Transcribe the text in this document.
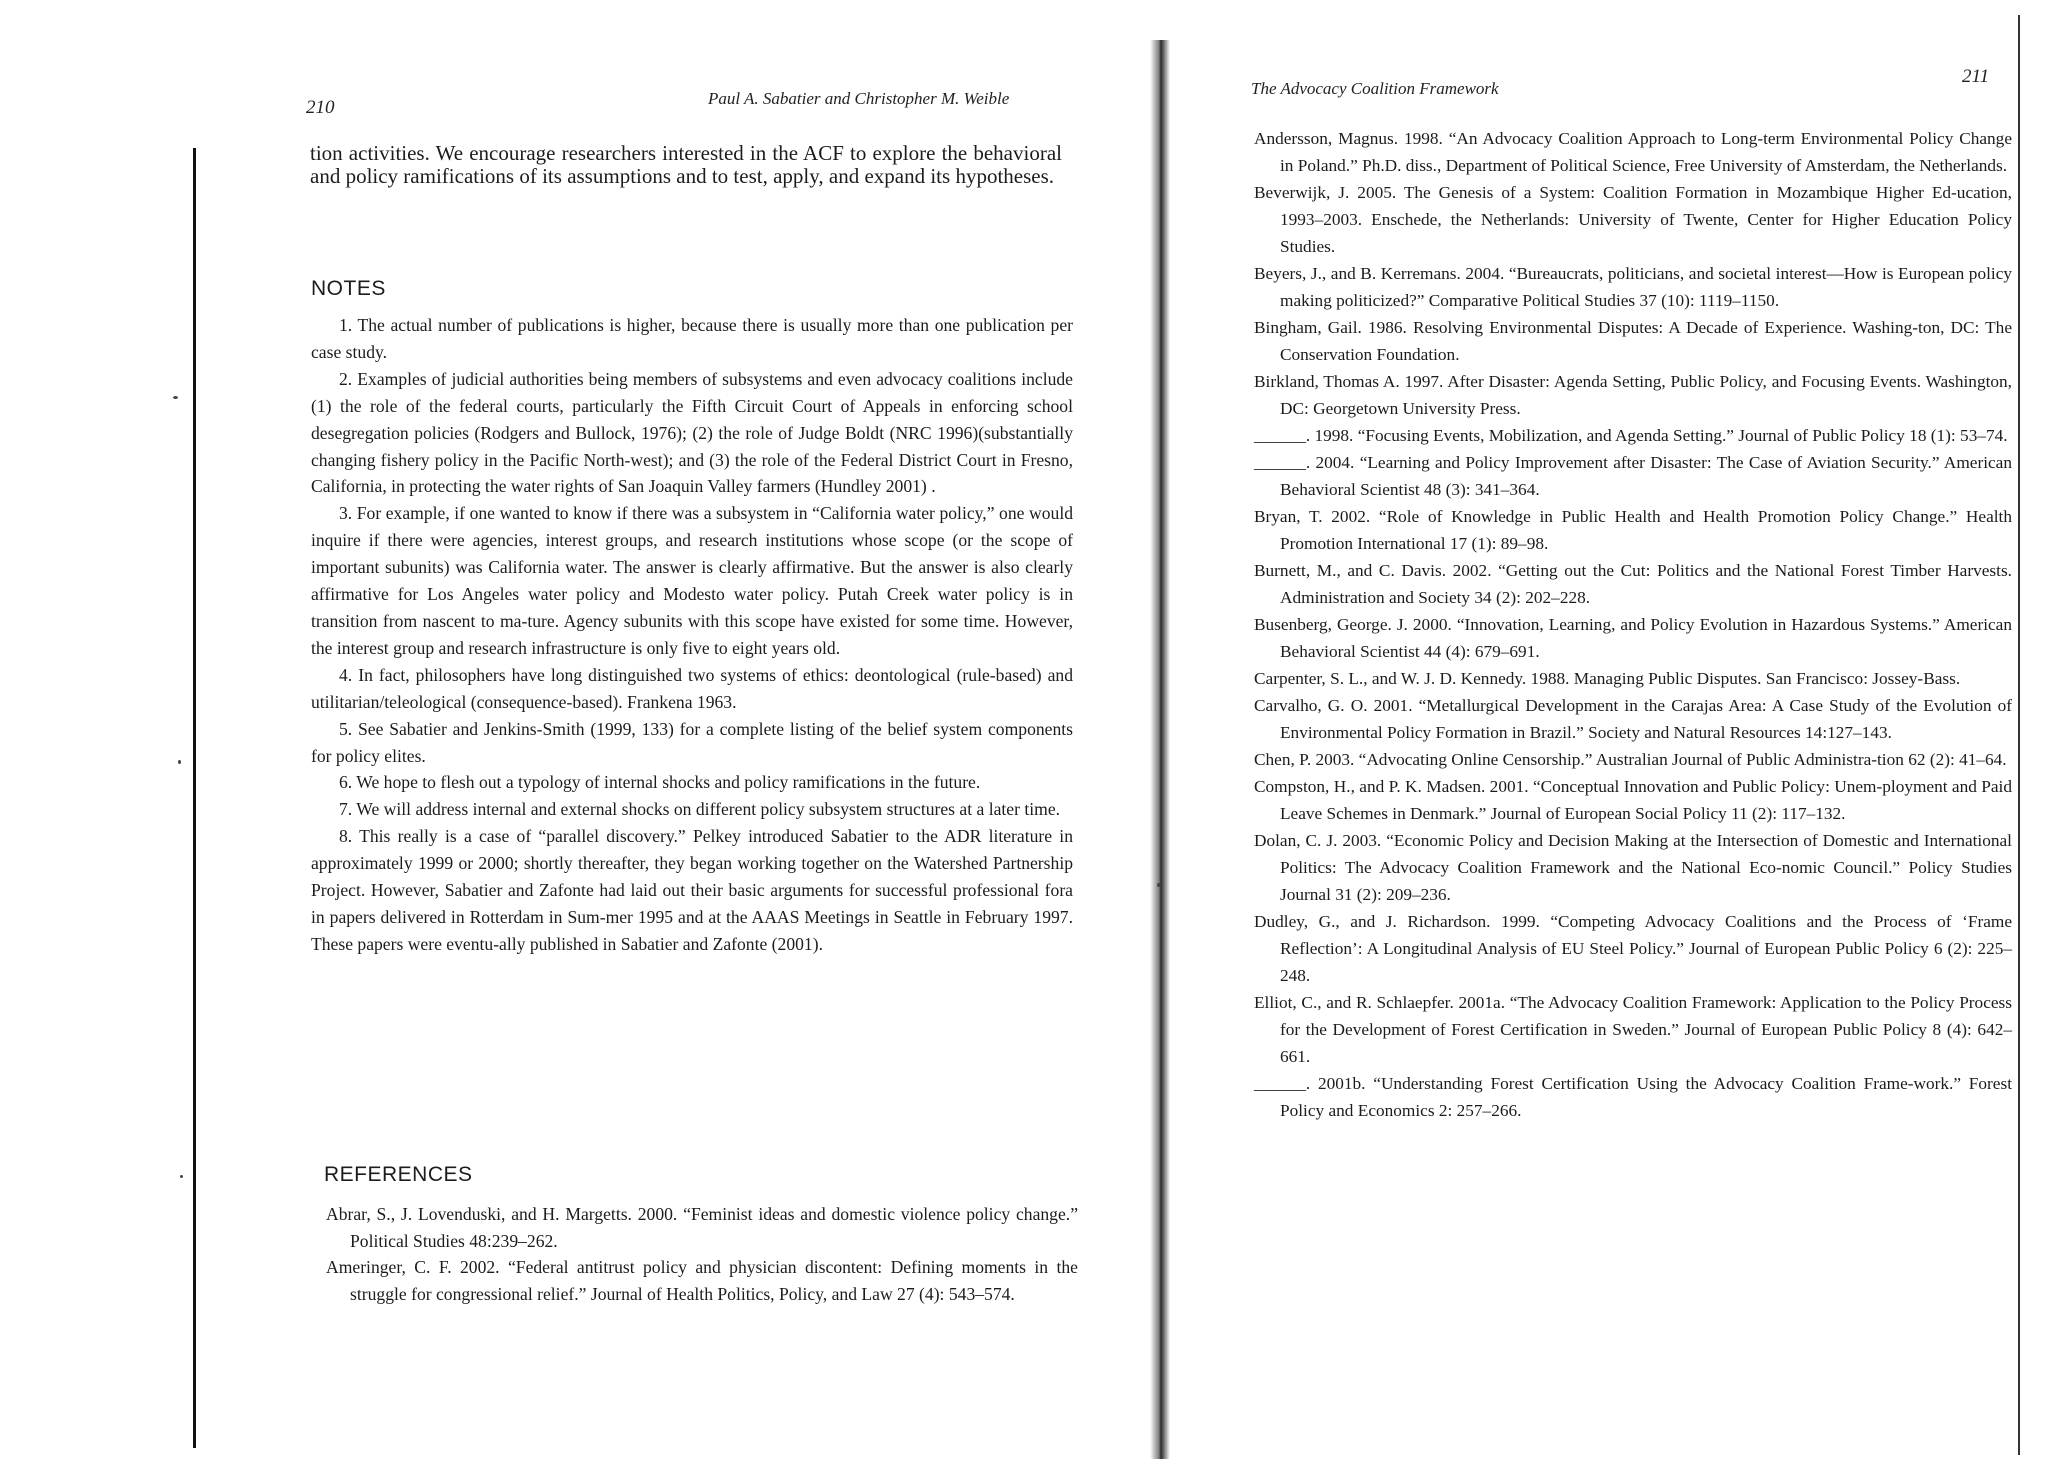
210	Paul A. Sabatier and Christopher M. Weible
tion activities. We encourage researchers interested in the ACF to explore the behavioral and policy ramifications of its assumptions and to test, apply, and expand its hypotheses.
NOTES

1. The actual number of publications is higher, because there is usually more than one publication per case study.

2. Examples of judicial authorities being members of subsystems and even advocacy coalitions include (1) the role of the federal courts, particularly the Fifth Circuit Court of Appeals in enforcing school desegregation policies (Rodgers and Bullock, 1976); (2) the role of Judge Boldt (NRC 1996)(substantially changing fishery policy in the Pacific North-west); and (3) the role of the Federal District Court in Fresno, California, in protecting the water rights of San Joaquin Valley farmers (Hundley 2001) .

3. For example, if one wanted to know if there was a subsystem in “California water policy,” one would inquire if there were agencies, interest groups, and research institutions whose scope (or the scope of important subunits) was California water. The answer is clearly affirmative. But the answer is also clearly affirmative for Los Angeles water policy and Modesto water policy. Putah Creek water policy is in transition from nascent to ma-ture. Agency subunits with this scope have existed for some time. However, the interest group and research infrastructure is only five to eight years old.

4. In fact, philosophers have long distinguished two systems of ethics: deontological (rule-based) and utilitarian/teleological (consequence-based). Frankena 1963.

5. See Sabatier and Jenkins-Smith (1999, 133) for a complete listing of the belief system components for policy elites.

6. We hope to flesh out a typology of internal shocks and policy ramifications in the future.

7. We will address internal and external shocks on different policy subsystem structures at a later time.

8. This really is a case of “parallel discovery.” Pelkey introduced Sabatier to the ADR literature in approximately 1999 or 2000; shortly thereafter, they began working together on the Watershed Partnership Project. However, Sabatier and Zafonte had laid out their basic arguments for successful professional fora in papers delivered in Rotterdam in Sum-mer 1995 and at the AAAS Meetings in Seattle in February 1997. These papers were eventu-ally published in Sabatier and Zafonte (2001).

REFERENCES

Abrar, S., J. Lovenduski, and H. Margetts. 2000. “Feminist ideas and domestic violence policy change.” Political Studies 48:239–262.

Ameringer, C. F. 2002. “Federal antitrust policy and physician discontent: Defining moments in the struggle for congressional relief.” Journal of Health Politics, Policy, and Law 27 (4): 543–574.

The Advocacy Coalition Framework
211

Andersson, Magnus. 1998. “An Advocacy Coalition Approach to Long-term Environmental Policy Change in Poland.” Ph.D. diss., Department of Political Science, Free University of Amsterdam, the Netherlands.

Beverwijk, J. 2005. The Genesis of a System: Coalition Formation in Mozambique Higher Ed-ucation, 1993–2003. Enschede, the Netherlands: University of Twente, Center for Higher Education Policy Studies.

Beyers, J., and B. Kerremans. 2004. “Bureaucrats, politicians, and societal interest—How is European policy making politicized?” Comparative Political Studies 37 (10): 1119–1150.

Bingham, Gail. 1986. Resolving Environmental Disputes: A Decade of Experience. Washing-ton, DC: The Conservation Foundation.

Birkland, Thomas A. 1997. After Disaster: Agenda Setting, Public Policy, and Focusing Events. Washington, DC: Georgetown University Press.

______. 1998. “Focusing Events, Mobilization, and Agenda Setting.” Journal of Public Policy 18 (1): 53–74.

______. 2004. “Learning and Policy Improvement after Disaster: The Case of Aviation Security.” American Behavioral Scientist 48 (3): 341–364.

Bryan, T. 2002. “Role of Knowledge in Public Health and Health Promotion Policy Change.” Health Promotion International 17 (1): 89–98.

Burnett, M., and C. Davis. 2002. “Getting out the Cut: Politics and the National Forest Timber Harvests. Administration and Society 34 (2): 202–228.

Busenberg, George. J. 2000. “Innovation, Learning, and Policy Evolution in Hazardous Systems.” American Behavioral Scientist 44 (4): 679–691.

Carpenter, S. L., and W. J. D. Kennedy. 1988. Managing Public Disputes. San Francisco: Jossey-Bass.

Carvalho, G. O. 2001. “Metallurgical Development in the Carajas Area: A Case Study of the Evolution of Environmental Policy Formation in Brazil.” Society and Natural Resources 14:127–143.

Chen, P. 2003. “Advocating Online Censorship.” Australian Journal of Public Administra-tion 62 (2): 41–64.

Compston, H., and P. K. Madsen. 2001. “Conceptual Innovation and Public Policy: Unem-ployment and Paid Leave Schemes in Denmark.” Journal of European Social Policy 11 (2): 117–132.

Dolan, C. J. 2003. “Economic Policy and Decision Making at the Intersection of Domestic and International Politics: The Advocacy Coalition Framework and the National Eco-nomic Council.” Policy Studies Journal 31 (2): 209–236.

Dudley, G., and J. Richardson. 1999. “Competing Advocacy Coalitions and the Process of ‘Frame Reflection’: A Longitudinal Analysis of EU Steel Policy.” Journal of European Public Policy 6 (2): 225–248.

Elliot, C., and R. Schlaepfer. 2001a. “The Advocacy Coalition Framework: Application to the Policy Process for the Development of Forest Certification in Sweden.” Journal of European Public Policy 8 (4): 642–661.

______. 2001b. “Understanding Forest Certification Using the Advocacy Coalition Frame-work.” Forest Policy and Economics 2: 257–266.
